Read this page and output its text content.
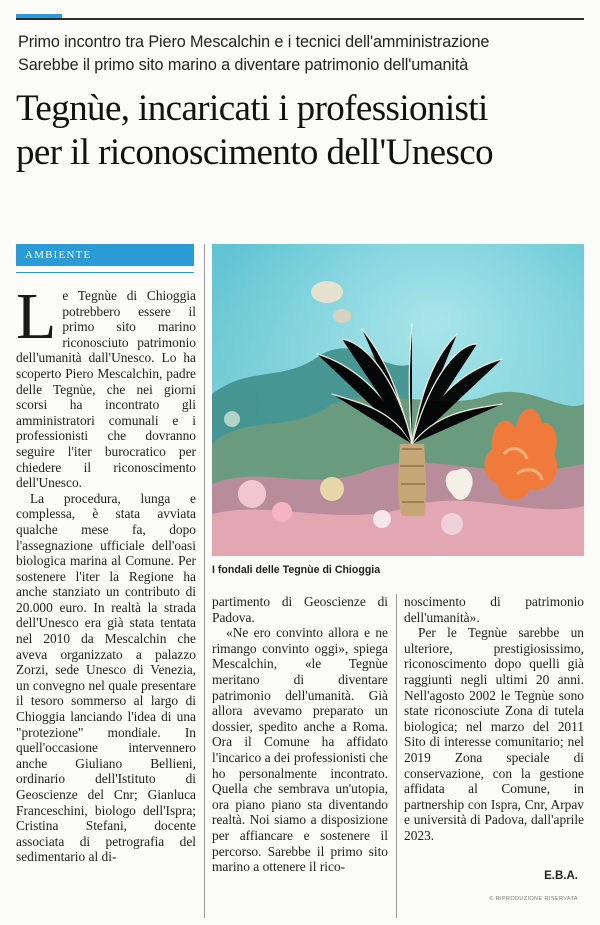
Primo incontro tra Piero Mescalchin e i tecnici dell'amministrazione
Sarebbe il primo sito marino a diventare patrimonio dell'umanità
Tegnùe, incaricati i professionisti
per il riconoscimento dell'Unesco
AMBIENTE

Le Tegnùe di Chioggia potrebbero essere il primo sito marino riconosciuto patrimonio dell'umanità dall'Unesco. Lo ha scoperto Piero Mescalchin, padre delle Tegnùe, che nei giorni scorsi ha incontrato gli amministratori comunali e i professionisti che dovranno seguire l'iter burocratico per chiedere il riconoscimento dell'Unesco.

La procedura, lunga e complessa, è stata avviata qualche mese fa, dopo l'assegnazione ufficiale dell'oasi biologica marina al Comune. Per sostenere l'iter la Regione ha anche stanziato un contributo di 20.000 euro. In realtà la strada dell'Unesco era già stata tentata nel 2010 da Mescalchin che aveva organizzato a palazzo Zorzi, sede Unesco di Venezia, un convegno nel quale presentare il tesoro sommerso al largo di Chioggia lanciando l'idea di una "protezione" mondiale. In quell'occasione intervennero anche Giuliano Bellieni, ordinario dell'Istituto di Geoscienze del Cnr; Gianluca Franceschini, biologo dell'Ispra; Cristina Stefani, docente associata di petrografia del sedimentario al di-

I fondali delle Tegnùe di Chioggia

partimento di Geoscienze di Padova.

«Ne ero convinto allora e ne rimango convinto oggi», spiega Mescalchin, «le Tegnùe meritano di diventare patrimonio dell'umanità. Già allora avevamo preparato un dossier, spedito anche a Roma. Ora il Comune ha affidato l'incarico a dei professionisti che ho personalmente incontrato. Quella che sembrava un'utopia, ora piano piano sta diventando realtà. Noi siamo a disposizione per affiancare e sostenere il percorso. Sarebbe il primo sito marino a ottenere il rico-

noscimento di patrimonio dell'umanità».

Per le Tegnùe sarebbe un ulteriore, prestigiosissimo, riconoscimento dopo quelli già raggiunti negli ultimi 20 anni. Nell'agosto 2002 le Tegnùe sono state riconosciute Zona di tutela biologica; nel marzo del 2011 Sito di interesse comunitario; nel 2019 Zona speciale di conservazione, con la gestione affidata al Comune, in partnership con Ispra, Cnr, Arpav e università di Padova, dall'aprile 2023.

E.B.A.
© RIPRODUZIONE RISERVATA
